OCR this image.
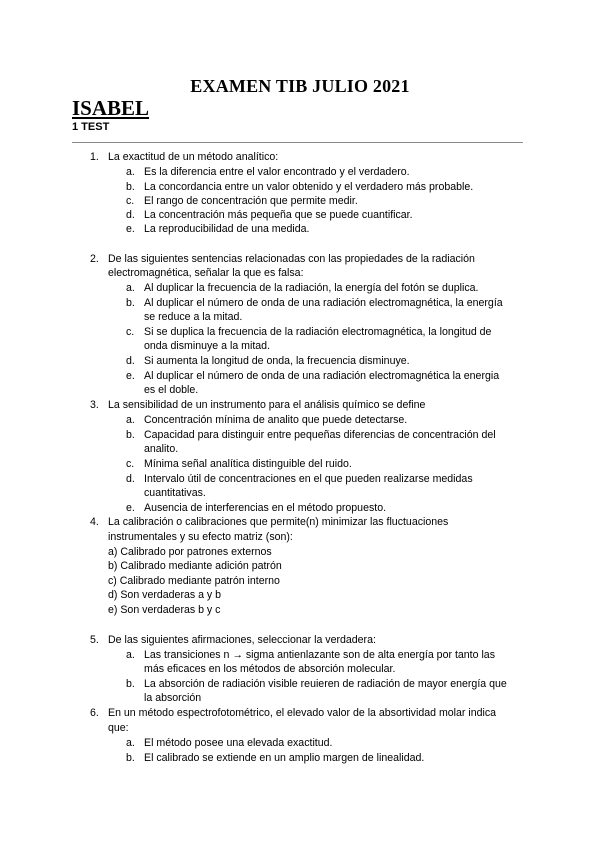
EXAMEN TIB JULIO 2021
ISABEL
1 TEST
1. La exactitud de un método analítico:
a. Es la diferencia entre el valor encontrado y el verdadero.
b. La concordancia entre un valor obtenido y el verdadero más probable.
c. El rango de concentración que permite medir.
d. La concentración más pequeña que se puede cuantificar.
e. La reproducibilidad de una medida.
2. De las siguientes sentencias relacionadas con las propiedades de la radiación
electromagnética, señalar la que es falsa:
a. Al duplicar la frecuencia de la radiación, la energía del fotón se duplica.
b. Al duplicar el número de onda de una radiación electromagnética, la energía
se reduce a la mitad.
c. Si se duplica la frecuencia de la radiación electromagnética, la longitud de
onda disminuye a la mitad.
d. Si aumenta la longitud de onda, la frecuencia disminuye.
e. Al duplicar el número de onda de una radiación electromagnética la energia
es el doble.
3. La sensibilidad de un instrumento para el análisis químico se define
a. Concentración mínima de analito que puede detectarse.
b. Capacidad para distinguir entre pequeñas diferencias de concentración del
analito.
c. Mínima señal analítica distinguible del ruido.
d. Intervalo útil de concentraciones en el que pueden realizarse medidas
cuantitativas.
e. Ausencia de interferencias en el método propuesto.
4. La calibración o calibraciones que permite(n) minimizar las fluctuaciones
instrumentales y su efecto matriz (son):
a) Calibrado por patrones externos
b) Calibrado mediante adición patrón
c) Calibrado mediante patrón interno
d) Son verdaderas a y b
e) Son verdaderas b y c
5. De las siguientes afirmaciones, seleccionar la verdadera:
a. Las transiciones n → sigma antienlazante son de alta energía por tanto las
más eficaces en los métodos de absorción molecular.
b. La absorción de radiación visible reuieren de radiación de mayor energía que
la absorción
6. En un método espectrofotométrico, el elevado valor de la absortividad molar indica
que:
a. El método posee una elevada exactitud.
b. El calibrado se extiende en un amplio margen de linealidad.
